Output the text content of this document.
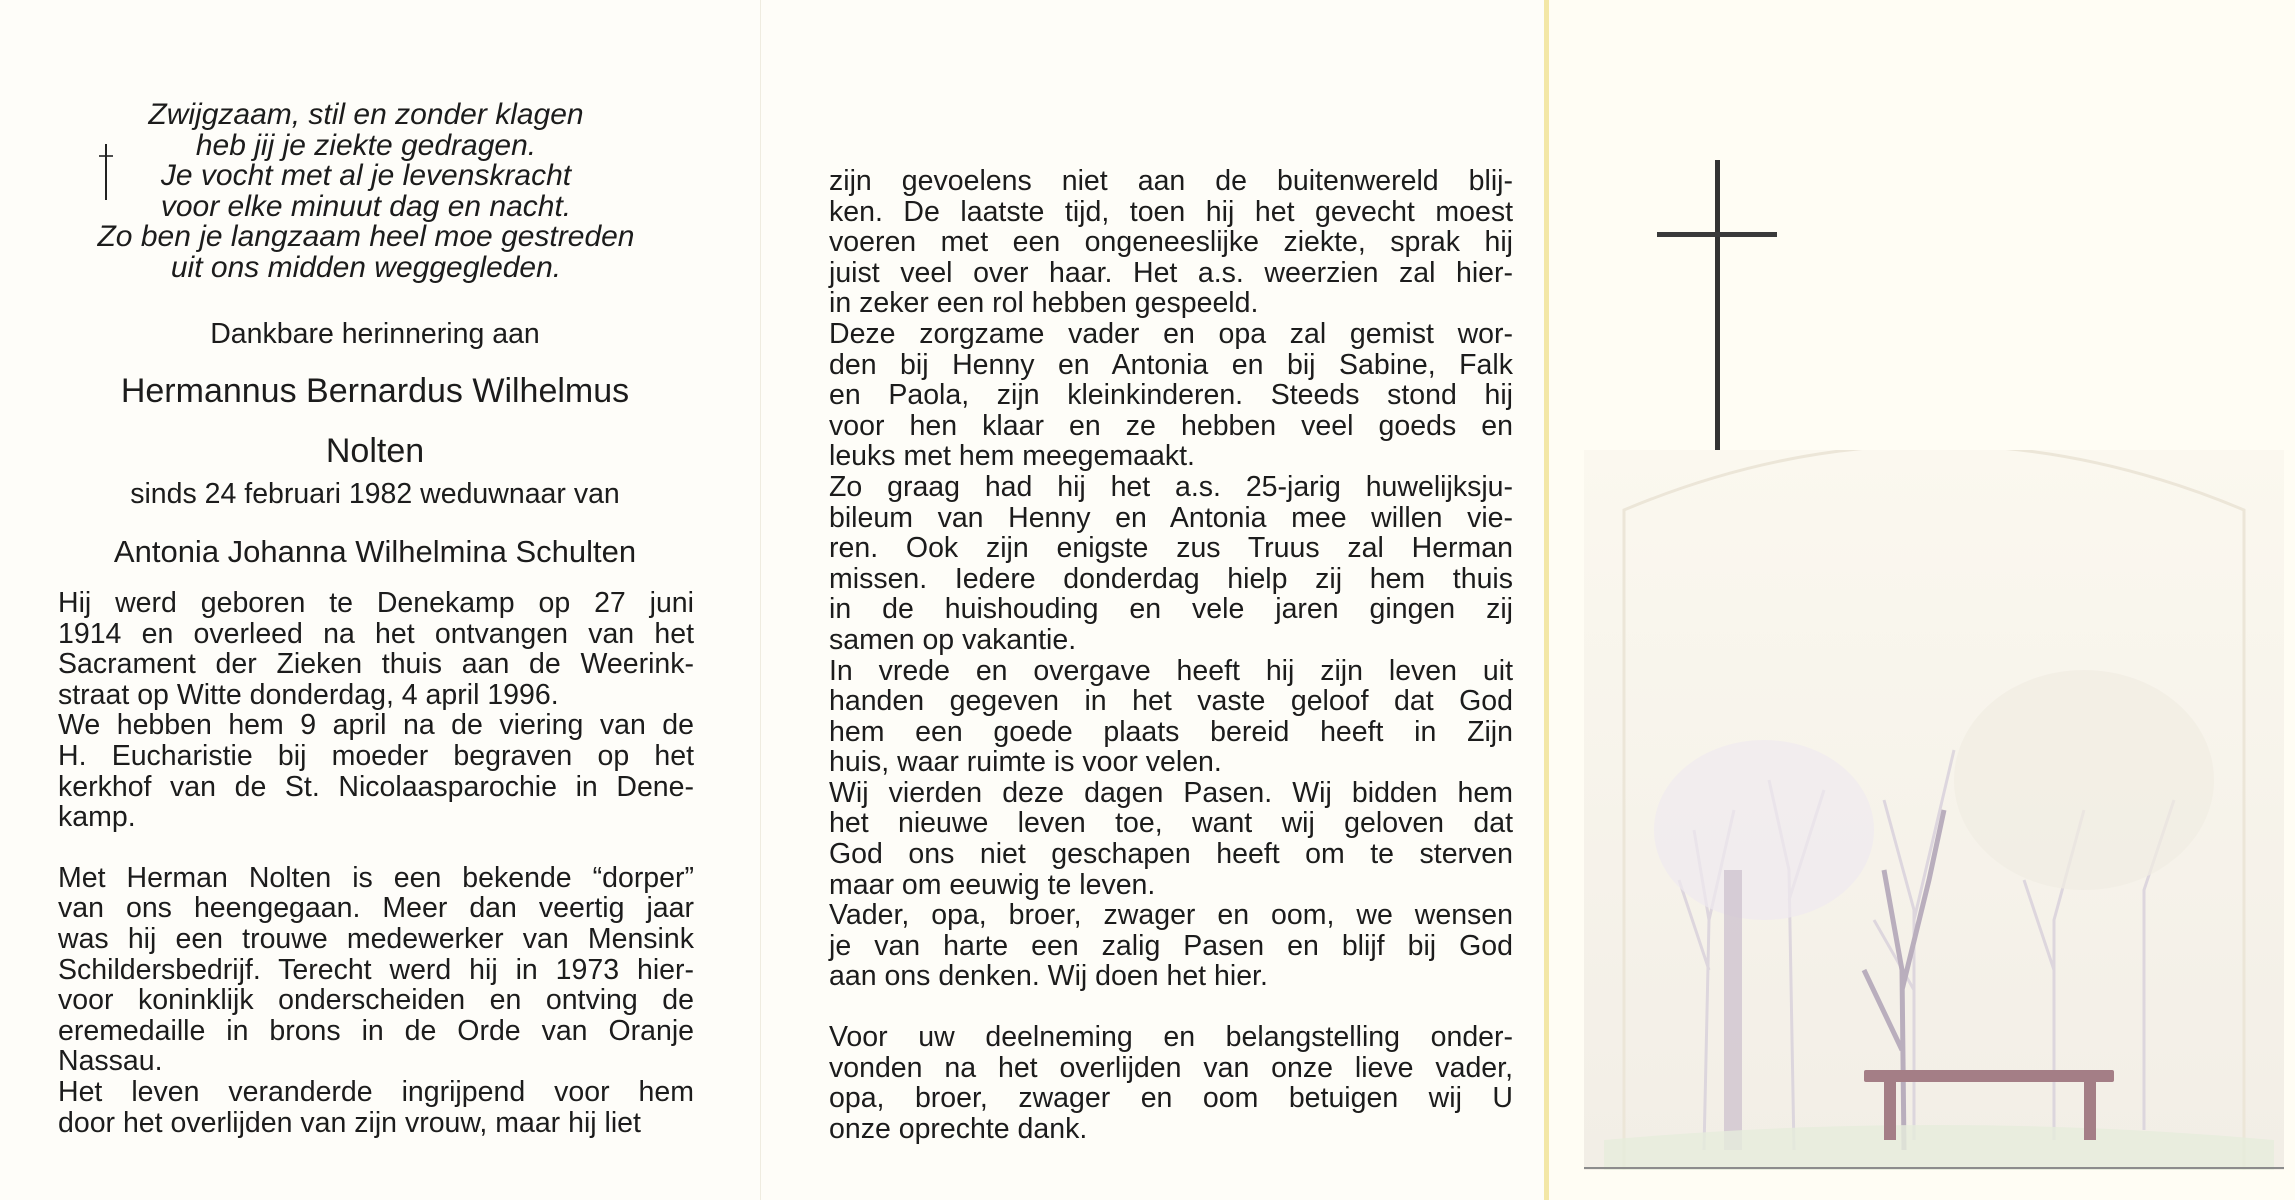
Zwijgzaam, stil en zonder klagen
heb jij je ziekte gedragen.
Je vocht met al je levenskracht
voor elke minuut dag en nacht.
Zo ben je langzaam heel moe gestreden
uit ons midden weggegleden.
Dankbare herinnering aan
Hermannus Bernardus Wilhelmus
Nolten
sinds 24 februari 1982 weduwnaar van
Antonia Johanna Wilhelmina Schulten

Hij werd geboren te Denekamp op 27 juni

1914 en overleed na het ontvangen van het

Sacrament der Zieken thuis aan de Weerink-

straat op Witte donderdag, 4 april 1996.

We hebben hem 9 april na de viering van de

H. Eucharistie bij moeder begraven op het

kerkhof van de St. Nicolaasparochie in Dene-

kamp.

Met Herman Nolten is een bekende “dorper”

van ons heengegaan. Meer dan veertig jaar

was hij een trouwe medewerker van Mensink

Schildersbedrijf. Terecht werd hij in 1973 hier-

voor koninklijk onderscheiden en ontving de

eremedaille in brons in de Orde van Oranje

Nassau.

Het leven veranderde ingrijpend voor hem

door het overlijden van zijn vrouw, maar hij liet

zijn gevoelens niet aan de buitenwereld blij-

ken. De laatste tijd, toen hij het gevecht moest

voeren met een ongeneeslijke ziekte, sprak hij

juist veel over haar. Het a.s. weerzien zal hier-

in zeker een rol hebben gespeeld.

Deze zorgzame vader en opa zal gemist wor-

den bij Henny en Antonia en bij Sabine, Falk

en Paola, zijn kleinkinderen. Steeds stond hij

voor hen klaar en ze hebben veel goeds en

leuks met hem meegemaakt.

Zo graag had hij het a.s. 25-jarig huwelijksju-

bileum van Henny en Antonia mee willen vie-

ren. Ook zijn enigste zus Truus zal Herman

missen. Iedere donderdag hielp zij hem thuis

in de huishouding en vele jaren gingen zij

samen op vakantie.

In vrede en overgave heeft hij zijn leven uit

handen gegeven in het vaste geloof dat God

hem een goede plaats bereid heeft in Zijn

huis, waar ruimte is voor velen.

Wij vierden deze dagen Pasen. Wij bidden hem

het nieuwe leven toe, want wij geloven dat

God ons niet geschapen heeft om te sterven

maar om eeuwig te leven.

Vader, opa, broer, zwager en oom, we wensen

je van harte een zalig Pasen en blijf bij God

aan ons denken. Wij doen het hier.

Voor uw deelneming en belangstelling onder-

vonden na het overlijden van onze lieve vader,

opa, broer, zwager en oom betuigen wij U

onze oprechte dank.
